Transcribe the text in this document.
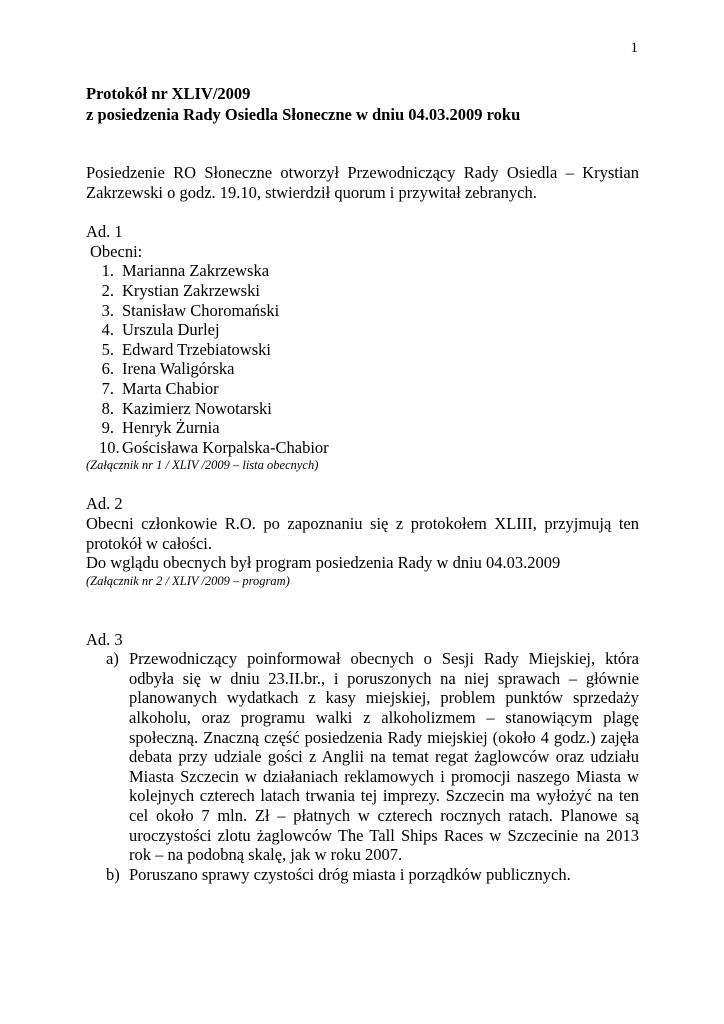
1
Protokół nr XLIV/2009
z posiedzenia Rady Osiedla Słoneczne w dniu 04.03.2009 roku
Posiedzenie RO Słoneczne otworzył Przewodniczący Rady Osiedla – Krystian Zakrzewski o godz. 19.10, stwierdził quorum i przywitał zebranych.
Ad. 1
Obecni:
1. Marianna Zakrzewska
2. Krystian Zakrzewski
3. Stanisław Choromański
4. Urszula Durlej
5. Edward Trzebiatowski
6. Irena Waligórska
7. Marta Chabior
8. Kazimierz Nowotarski
9. Henryk Żurnia
10. Gościsława Korpalska-Chabior
(Załącznik nr 1 / XLIV /2009 – lista obecnych)
Ad. 2
Obecni członkowie R.O. po zapoznaniu się z protokołem XLIII, przyjmują ten protokół w całości.
Do wglądu obecnych był program posiedzenia Rady w dniu 04.03.2009
(Załącznik nr 2 / XLIV /2009 – program)
Ad. 3
a) Przewodniczący poinformował obecnych o Sesji Rady Miejskiej, która odbyła się w dniu 23.II.br., i poruszonych na niej sprawach – głównie planowanych wydatkach z kasy miejskiej, problem punktów sprzedaży alkoholu, oraz programu walki z alkoholizmem – stanowiącym plagę społeczną. Znaczną część posiedzenia Rady miejskiej (około 4 godz.) zajęła debata przy udziale gości z Anglii na temat regat żaglowców oraz udziału Miasta Szczecin w działaniach reklamowych i promocji naszego Miasta w kolejnych czterech latach trwania tej imprezy. Szczecin ma wyłożyć na ten cel około 7 mln. Zł – płatnych w czterech rocznych ratach. Planowe są uroczystości zlotu żaglowców The Tall Ships Races w Szczecinie na 2013 rok – na podobną skalę, jak w roku 2007.
b) Poruszano sprawy czystości dróg miasta i porządków publicznych.
